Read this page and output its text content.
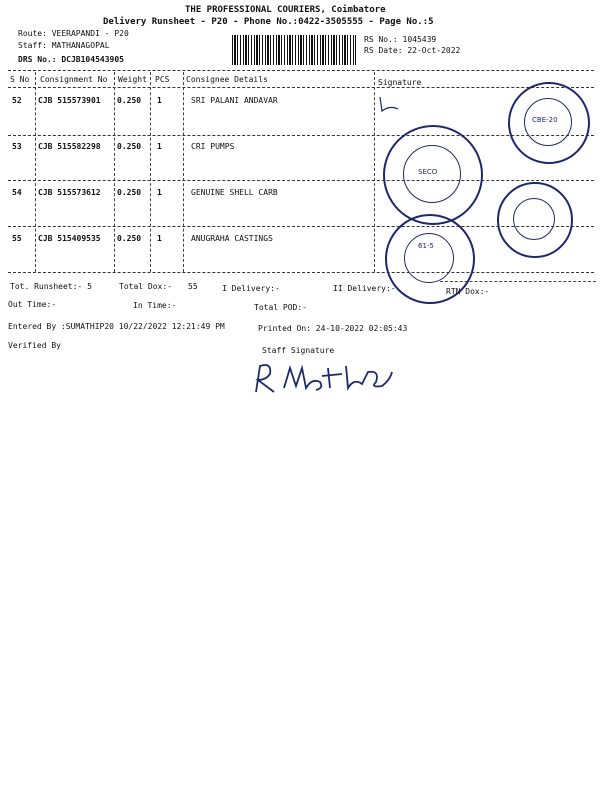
THE PROFESSIONAL COURIERS, Coimbatore
Delivery Runsheet - P20 - Phone No.:0422-3505555 - Page No.:5
Route: VEERAPANDI - P20
Staff: MATHANAGOPAL
DRS No.: DCJB104543905
RS No.: 1045439
RS Date: 22-Oct-2022
S No Consignment No Weight PCS Consignee Details	Signature
52 CJB 515573901 0.250 1	SRI PALANI ANDAVAR
53 CJB 515582298 0.250 1	CRI PUMPS
54 CJB 515573612 0.250 1	GENUINE SHELL CARB
55 CJB 515409535 0.250 1	ANUGRAHA CASTINGS
CBE-20
SECO
61-5
Tot. Runsheet:- 5	Total Dox:- 55	I Delivery:-	II Delivery:-	RTN Dox:-
Out Time:-	In Time:-	Total POD:-
Entered By :SUMATHIP20 10/22/2022 12:21:49 PM	Printed On: 24-10-2022 02:05:43
Verified By
Staff Signature
